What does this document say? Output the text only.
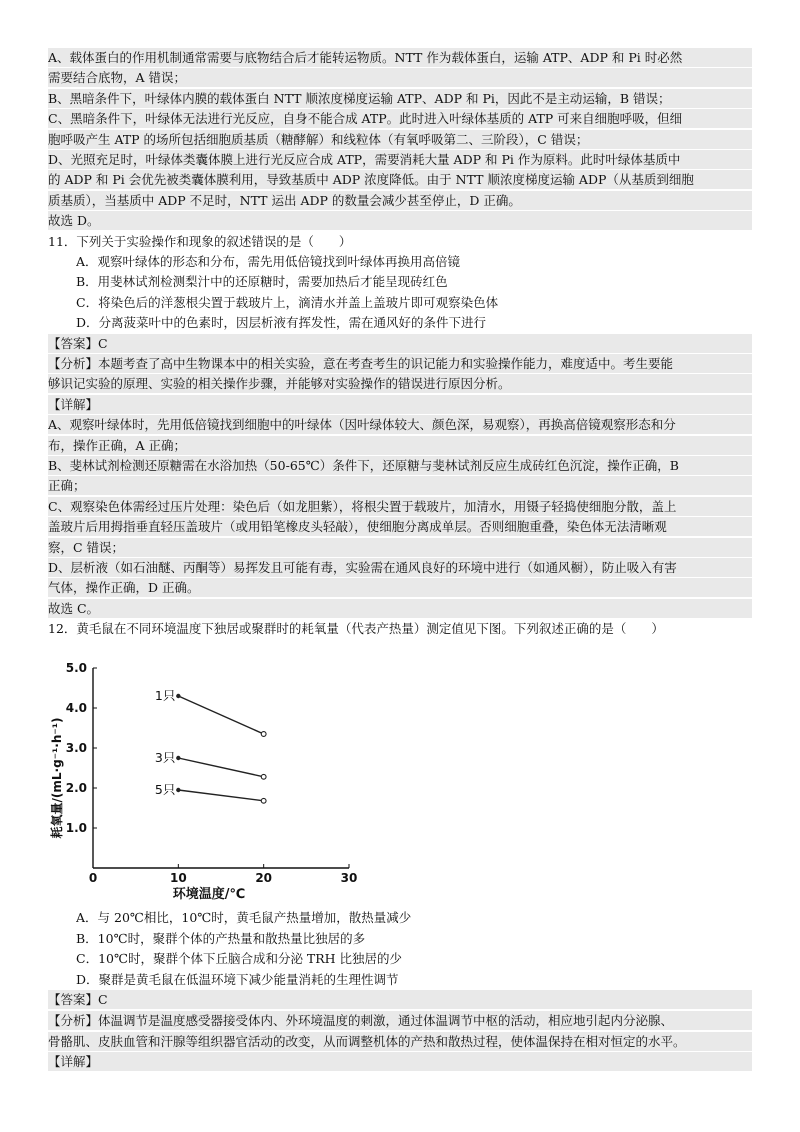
A、载体蛋白的作用机制通常需要与底物结合后才能转运物质。NTT 作为载体蛋白，运输 ATP、ADP 和 Pi 时必然
需要结合底物，A 错误；
B、黑暗条件下，叶绿体内膜的载体蛋白 NTT 顺浓度梯度运输 ATP、ADP 和 Pi，因此不是主动运输，B 错误；
C、黑暗条件下，叶绿体无法进行光反应，自身不能合成 ATP。此时进入叶绿体基质的 ATP 可来自细胞呼吸，但细
胞呼吸产生 ATP 的场所包括细胞质基质（糖酵解）和线粒体（有氧呼吸第二、三阶段），C 错误；
D、光照充足时，叶绿体类囊体膜上进行光反应合成 ATP，需要消耗大量 ADP 和 Pi 作为原料。此时叶绿体基质中
的 ADP 和 Pi 会优先被类囊体膜利用，导致基质中 ADP 浓度降低。由于 NTT 顺浓度梯度运输 ADP（从基质到细胞
质基质），当基质中 ADP 不足时，NTT 运出 ADP 的数量会减少甚至停止，D 正确。
故选 D。
11．下列关于实验操作和现象的叙述错误的是（　　）
A．观察叶绿体的形态和分布，需先用低倍镜找到叶绿体再换用高倍镜
B．用斐林试剂检测梨汁中的还原糖时，需要加热后才能呈现砖红色
C．将染色后的洋葱根尖置于载玻片上，滴清水并盖上盖玻片即可观察染色体
D．分离菠菜叶中的色素时，因层析液有挥发性，需在通风好的条件下进行
【答案】C
【分析】本题考查了高中生物课本中的相关实验，意在考查考生的识记能力和实验操作能力，难度适中。考生要能
够识记实验的原理、实验的相关操作步骤，并能够对实验操作的错误进行原因分析。
【详解】
A、观察叶绿体时，先用低倍镜找到细胞中的叶绿体（因叶绿体较大、颜色深，易观察），再换高倍镜观察形态和分
布，操作正确，A 正确；
B、斐林试剂检测还原糖需在水浴加热（50-65℃）条件下，还原糖与斐林试剂反应生成砖红色沉淀，操作正确，B
正确；
C、观察染色体需经过压片处理：染色后（如龙胆紫），将根尖置于载玻片，加清水，用镊子轻捣使细胞分散，盖上
盖玻片后用拇指垂直轻压盖玻片（或用铅笔橡皮头轻敲），使细胞分离成单层。否则细胞重叠，染色体无法清晰观
察，C 错误；
D、层析液（如石油醚、丙酮等）易挥发且可能有毒，实验需在通风良好的环境中进行（如通风橱），防止吸入有害
气体，操作正确，D 正确。
故选 C。
12．黄毛鼠在不同环境温度下独居或聚群时的耗氧量（代表产热量）测定值见下图。下列叙述正确的是（　　）
0	10	20	30
1.0
2.0
3.0
4.0
5.0
环境温度/℃
耗氧量/(mL·g⁻¹·h⁻¹)
1只
3只
5只
A．与 20℃相比，10℃时，黄毛鼠产热量增加，散热量减少
B．10℃时，聚群个体的产热量和散热量比独居的多
C．10℃时，聚群个体下丘脑合成和分泌 TRH 比独居的少
D．聚群是黄毛鼠在低温环境下减少能量消耗的生理性调节
【答案】C
【分析】体温调节是温度感受器接受体内、外环境温度的刺激，通过体温调节中枢的活动，相应地引起内分泌腺、
骨骼肌、皮肤血管和汗腺等组织器官活动的改变，从而调整机体的产热和散热过程，使体温保持在相对恒定的水平。
【详解】
